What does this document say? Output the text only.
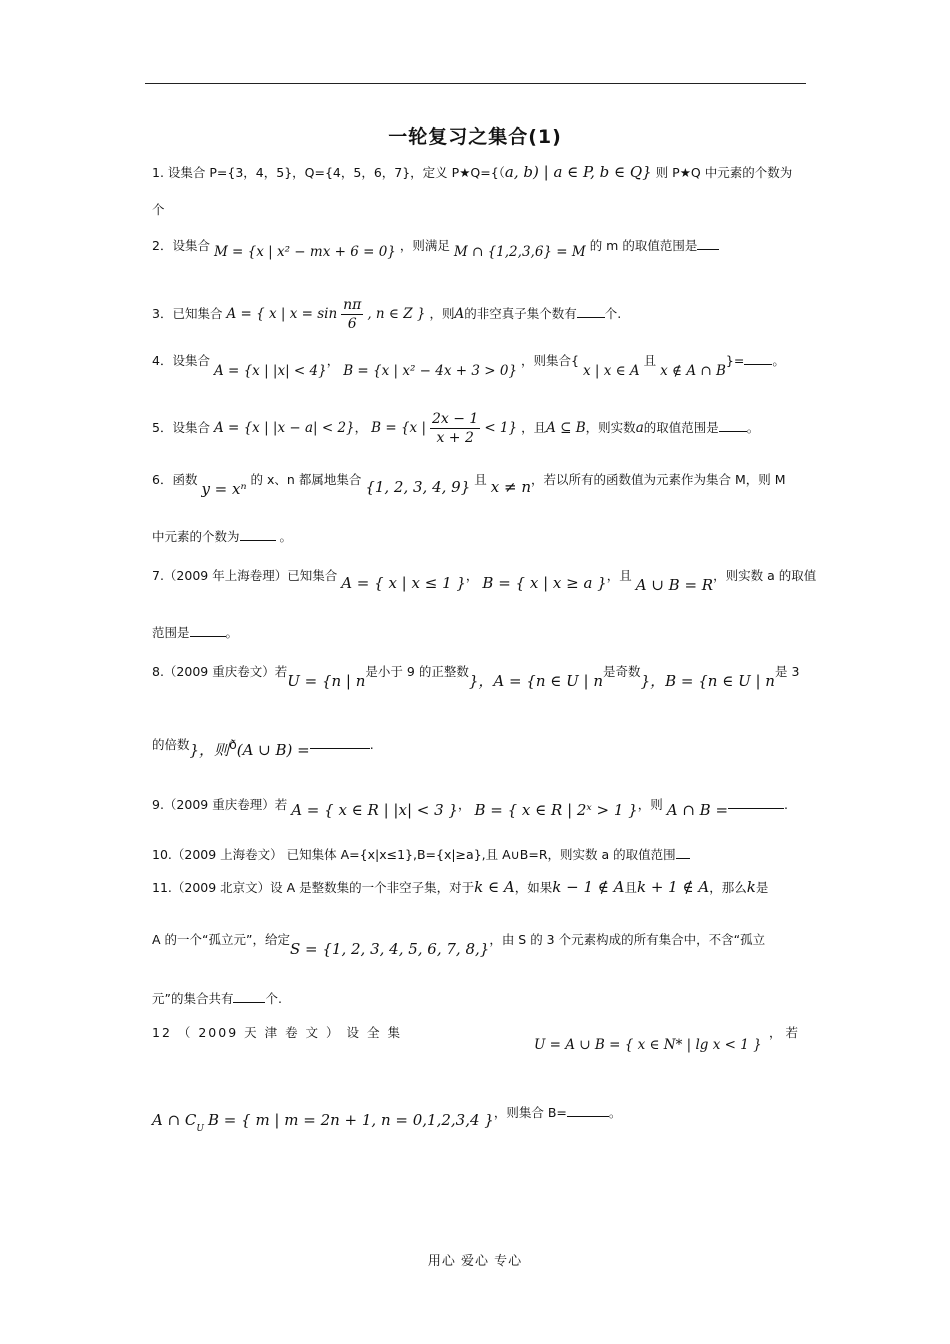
一轮复习之集合(1)
1. 设集合 P={3，4，5}，Q={4，5，6，7}，定义 P★Q={（a, b) | a ∈ P, b ∈ Q} 则 P★Q 中元素的个数为
个
2．设集合 M = {x | x² − mx + 6 = 0} ，则满足 M ∩ {1,2,3,6} = M 的 m 的取值范围是
3．已知集合 A = { x | $x = \sin \frac{n\pi}{6}$ , n ∈ Z } ，则A的非空真子集个数有 个.
4．设集合 A = {x | |x| < 4}， B = {x | x² − 4x + 3 > 0} ，则集合{ x | x ∈ A 且 x ∉ A ∩ B}= 。
5．设集合 A = {x | |x − a| < 2}， B = {x | $\frac{2x - 1}{x + 2} < 1$} ，且A ⊆ B，则实数a的取值范围是 。
6．函数 y = xⁿ 的 x、n 都属地集合 {1, 2, 3, 4, 9} 且 x ≠ n，若以所有的函数值为元素作为集合 M，则 M
中元素的个数为	。
7.（2009 年上海卷理）已知集合 A = { x | x ≤ 1 }， B = { x | x ≥ a }，且 A ∪ B = R，则实数 a 的取值
范围是	。
8.（2009 重庆卷文）若U = {n | n是小于 9 的正整数}，A = {n ∈ U | n是奇数}，B = {n ∈ U | n是 3
的倍数}，则ð(A ∪ B) =	.
9.（2009 重庆卷理）若 A = { x ∈ R | |x| < 3 }， B = { x ∈ R | 2ˣ > 1 }，则 A ∩ B =	.
10.（2009 上海卷文） 已知集体 A={x|x≤1},B={x|≥a},且 A∪B=R，则实数 a 的取值范围
11.（2009 北京文）设 A 是整数集的一个非空子集，对于k ∈ A，如果k − 1 ∉ A且k + 1 ∉ A，那么k是
A 的一个“孤立元”，给定S = {1, 2, 3, 4, 5, 6, 7, 8,}，由 S 的 3 个元素构成的所有集合中，不含“孤立
元”的集合共有	个.
12 （ 2009 天 津 卷 文 ） 设 全 集
U = A ∪ B = { x ∈ N* | lg x < 1 }
， 若
A ∩ $C_U$ B = { m | m = 2n + 1, n = 0,1,2,3,4 }，则集合 B=	。
用心 爱心 专心
